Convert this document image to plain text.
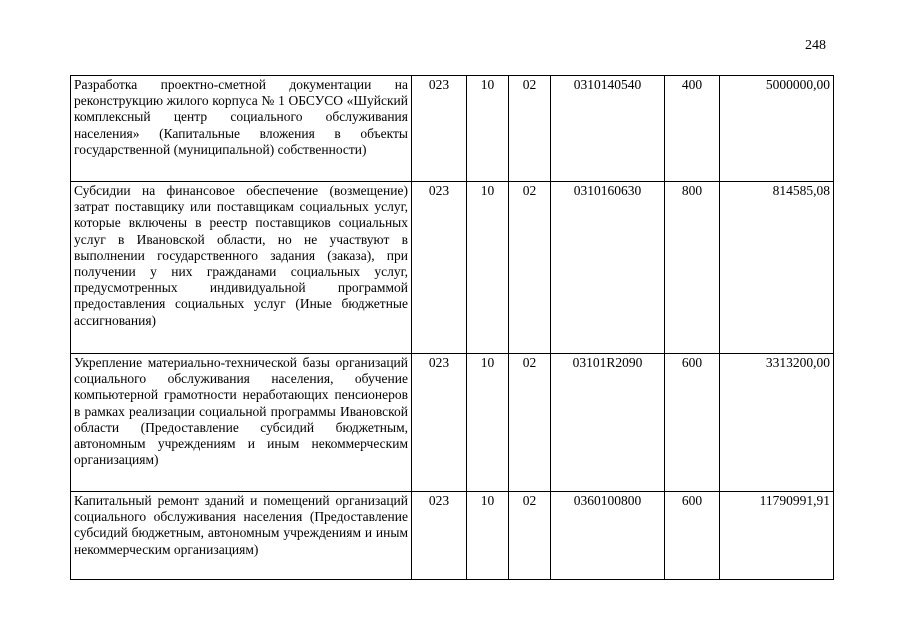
248
Разработка проектно-сметной документации на реконструкцию жилого корпуса № 1 ОБСУСО «Шуйский комплексный центр социального обслуживания населения» (Капитальные вложения в объекты государственной (муниципальной) собственности)	023	10	02	0310140540	400	5000000,00
Субсидии на финансовое обеспечение (возмещение) затрат поставщику или поставщикам социальных услуг, которые включены в реестр поставщиков социальных услуг в Ивановской области, но не участвуют в выполнении государственного задания (заказа), при получении у них гражданами социальных услуг, предусмотренных индивидуальной программой предоставления социальных услуг (Иные бюджетные ассигнования)	023	10	02	0310160630	800	814585,08
Укрепление материально-технической базы организаций социального обслуживания населения, обучение компьютерной грамотности неработающих пенсионеров в рамках реализации социальной программы Ивановской области (Предоставление субсидий бюджетным, автономным учреждениям и иным некоммерческим организациям)	023	10	02	03101R2090	600	3313200,00
Капитальный ремонт зданий и помещений организаций социального обслуживания населения (Предоставление субсидий бюджетным, автономным учреждениям и иным некоммерческим организациям)	023	10	02	0360100800	600	11790991,91
